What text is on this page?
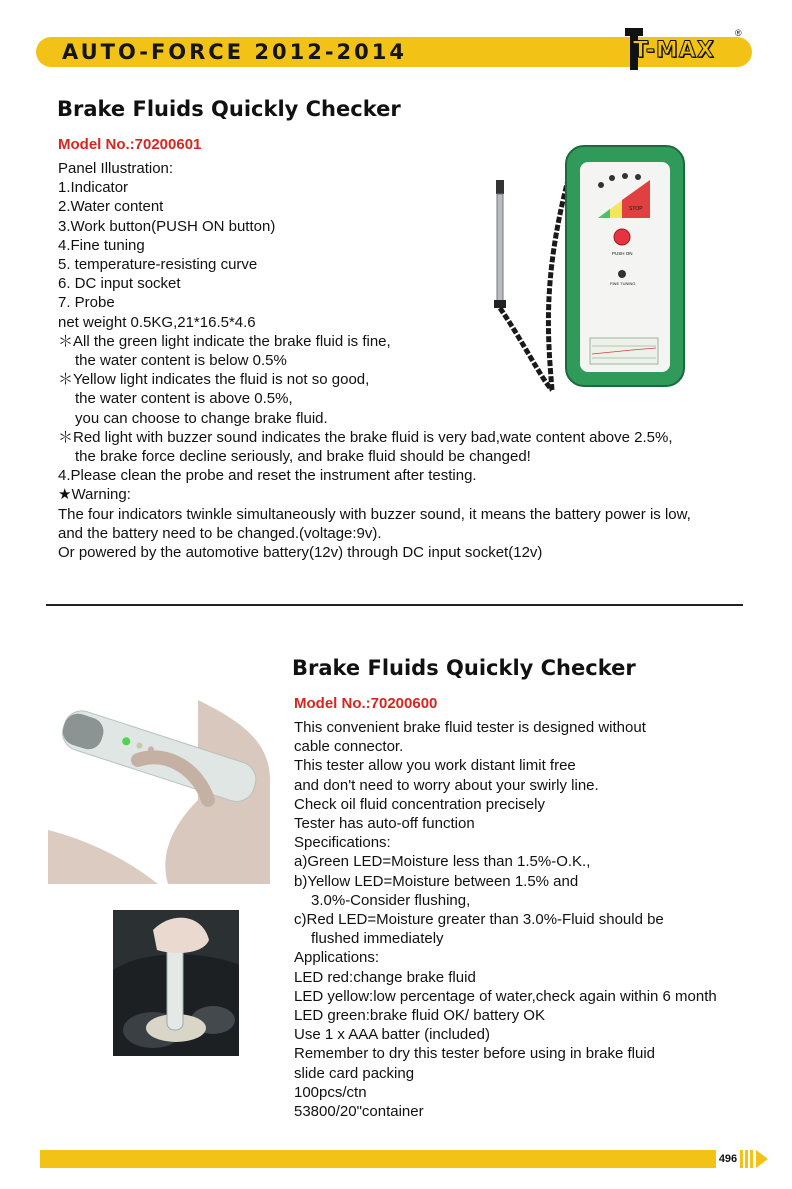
AUTO-FORCE 2012-2014	T-MAX
®
Brake Fluids Quickly Checker
Model No.:70200601
Panel Illustration:
1.Indicator
2.Water content
3.Work button(PUSH ON button)
4.Fine tuning
5. temperature-resisting curve
6. DC input socket
7. Probe
net weight 0.5KG,21*16.5*4.6
＊All the green light indicate the brake fluid is fine,
the water content is below 0.5%
＊Yellow light indicates the fluid is not so good,
the water content is above 0.5%,
you can choose to change brake fluid.
＊Red light with buzzer sound indicates the brake fluid is very bad,wate content above 2.5%,
the brake force decline seriously, and brake fluid should be changed!
4.Please clean the probe and reset the instrument after testing.
★Warning:
The four indicators twinkle simultaneously with buzzer sound, it means the battery power is low,
and the battery need to be changed.(voltage:9v).
Or powered by the automotive battery(12v) through DC input socket(12v)
STOP
PUSH ON
FINE TUNING
Brake Fluids Quickly Checker
Model No.:70200600
This convenient brake fluid tester is designed without
cable connector.
This tester allow you work distant limit free
and don't need to worry about your swirly line.
Check oil fluid concentration precisely
Tester has auto-off function
Specifications:
a)Green LED=Moisture less than 1.5%-O.K.,
b)Yellow LED=Moisture between 1.5% and
3.0%-Consider flushing,
c)Red LED=Moisture greater than 3.0%-Fluid should be
flushed immediately
Applications:
LED red:change brake fluid
LED yellow:low percentage of water,check again within 6 month
LED green:brake fluid OK/ battery OK
Use 1 x AAA batter (included)
Remember to dry this tester before using in brake fluid
slide card packing
100pcs/ctn
53800/20"container
496
